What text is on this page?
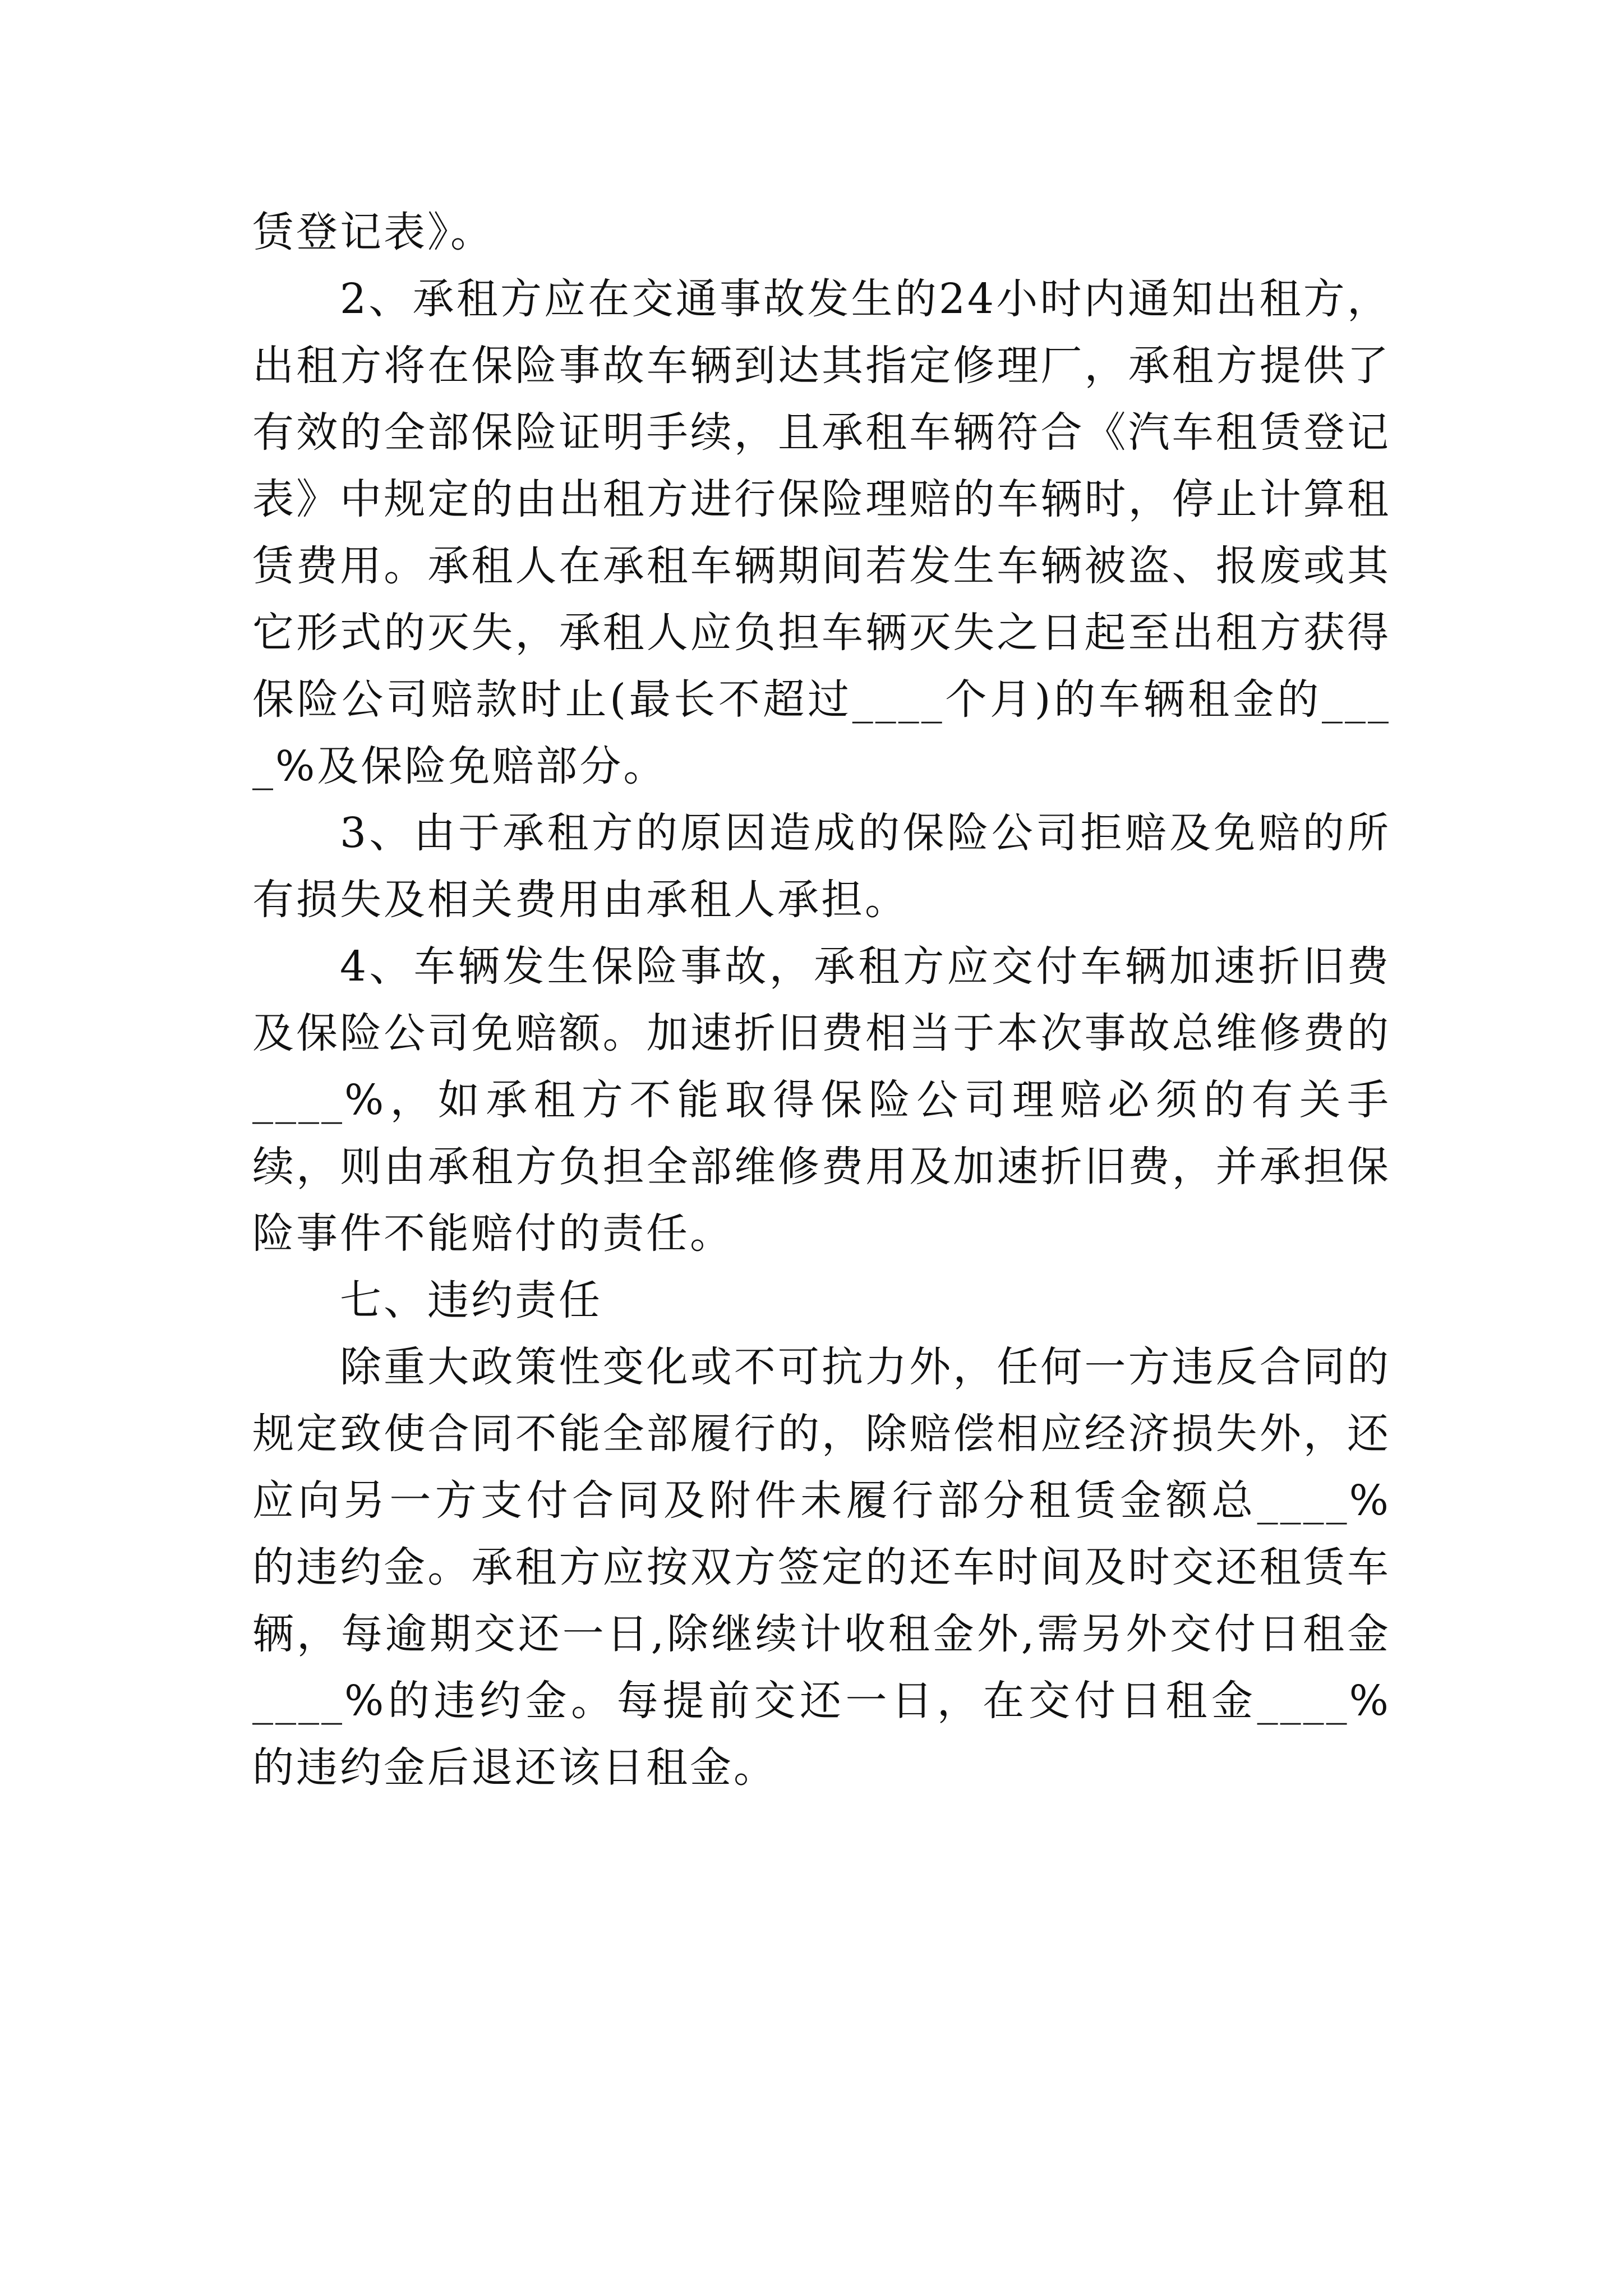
赁登记表》。

2、承租方应在交通事故发生的24小时内通知出租方，出租方将在保险事故车辆到达其指定修理厂，承租方提供了有效的全部保险证明手续，且承租车辆符合《汽车租赁登记表》中规定的由出租方进行保险理赔的车辆时，停止计算租赁费用。承租人在承租车辆期间若发生车辆被盗、报废或其它形式的灭失，承租人应负担车辆灭失之日起至出租方获得保险公司赔款时止(最长不超过____个月)的车辆租金的____%及保险免赔部分。

3、由于承租方的原因造成的保险公司拒赔及免赔的所有损失及相关费用由承租人承担。

4、车辆发生保险事故，承租方应交付车辆加速折旧费及保险公司免赔额。加速折旧费相当于本次事故总维修费的____%，如承租方不能取得保险公司理赔必须的有关手续，则由承租方负担全部维修费用及加速折旧费，并承担保险事件不能赔付的责任。

七、违约责任

除重大政策性变化或不可抗力外，任何一方违反合同的规定致使合同不能全部履行的，除赔偿相应经济损失外，还应向另一方支付合同及附件未履行部分租赁金额总____%的违约金。承租方应按双方签定的还车时间及时交还租赁车辆，每逾期交还一日,除继续计收租金外,需另外交付日租金____%的违约金。每提前交还一日，在交付日租金____%的违约金后退还该日租金。
